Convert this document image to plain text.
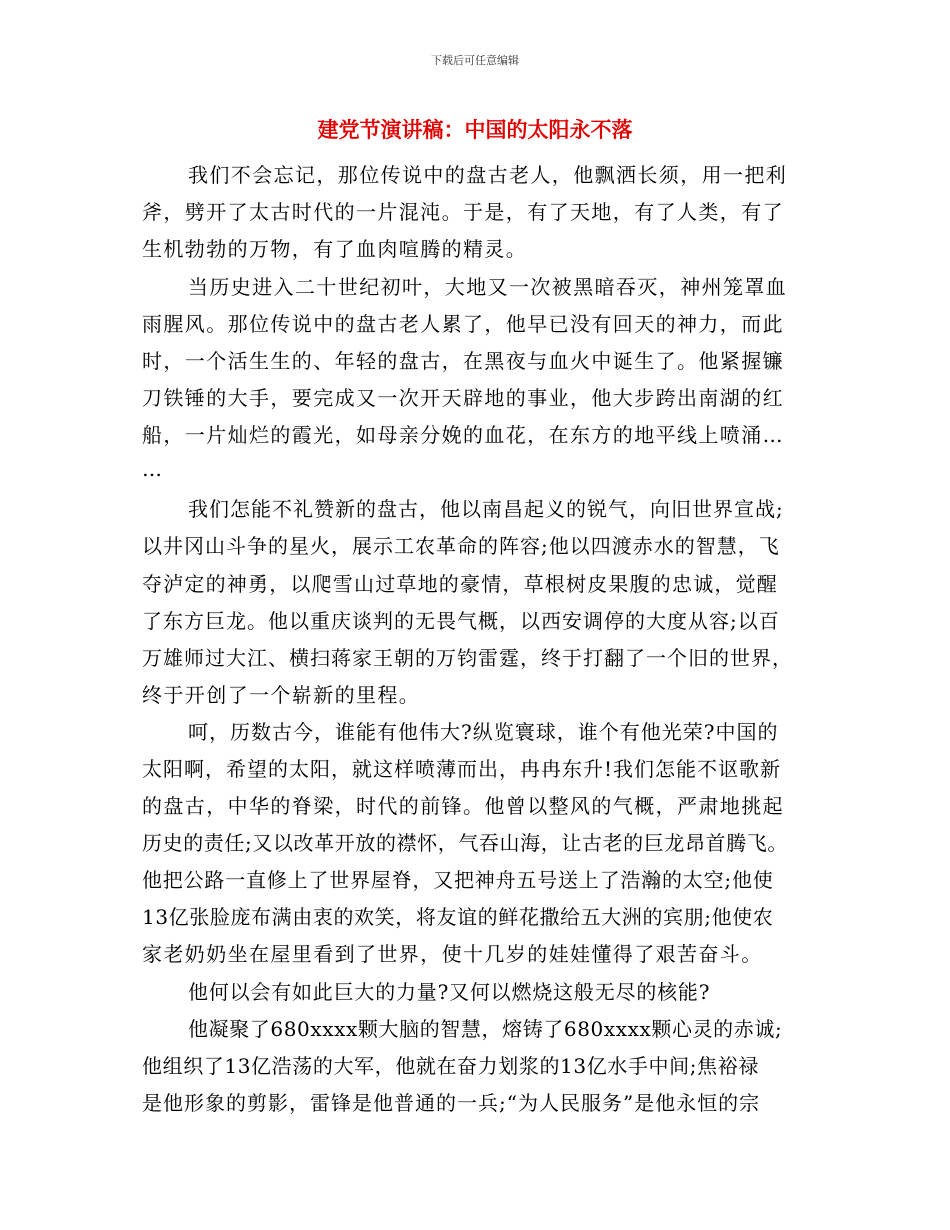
下载后可任意编辑
建党节演讲稿：中国的太阳永不落
我们不会忘记，那位传说中的盘古老人，他飘洒长须，用一把利
斧，劈开了太古时代的一片混沌。于是，有了天地，有了人类，有了
生机勃勃的万物，有了血肉喧腾的精灵。
当历史进入二十世纪初叶，大地又一次被黑暗吞灭，神州笼罩血
雨腥风。那位传说中的盘古老人累了，他早已没有回天的神力，而此
时，一个活生生的、年轻的盘古，在黑夜与血火中诞生了。他紧握镰
刀铁锤的大手，要完成又一次开天辟地的事业，他大步跨出南湖的红
船，一片灿烂的霞光，如母亲分娩的血花，在东方的地平线上喷涌…
…
我们怎能不礼赞新的盘古，他以南昌起义的锐气，向旧世界宣战;
以井冈山斗争的星火，展示工农革命的阵容;他以四渡赤水的智慧，飞
夺泸定的神勇，以爬雪山过草地的豪情，草根树皮果腹的忠诚，觉醒
了东方巨龙。他以重庆谈判的无畏气概，以西安调停的大度从容;以百
万雄师过大江、横扫蒋家王朝的万钧雷霆，终于打翻了一个旧的世界，
终于开创了一个崭新的里程。
呵，历数古今，谁能有他伟大?纵览寰球，谁个有他光荣?中国的
太阳啊，希望的太阳，就这样喷薄而出，冉冉东升!我们怎能不讴歌新
的盘古，中华的脊梁，时代的前锋。他曾以整风的气概，严肃地挑起
历史的责任;又以改革开放的襟怀，气吞山海，让古老的巨龙昂首腾飞。
他把公路一直修上了世界屋脊，又把神舟五号送上了浩瀚的太空;他使
13亿张脸庞布满由衷的欢笑，将友谊的鲜花撒给五大洲的宾朋;他使农
家老奶奶坐在屋里看到了世界，使十几岁的娃娃懂得了艰苦奋斗。
他何以会有如此巨大的力量?又何以燃烧这般无尽的核能?
他凝聚了680xxxx颗大脑的智慧，熔铸了680xxxx颗心灵的赤诚;
他组织了13亿浩荡的大军，他就在奋力划浆的13亿水手中间;焦裕禄
是他形象的剪影，雷锋是他普通的一兵;“为人民服务”是他永恒的宗
